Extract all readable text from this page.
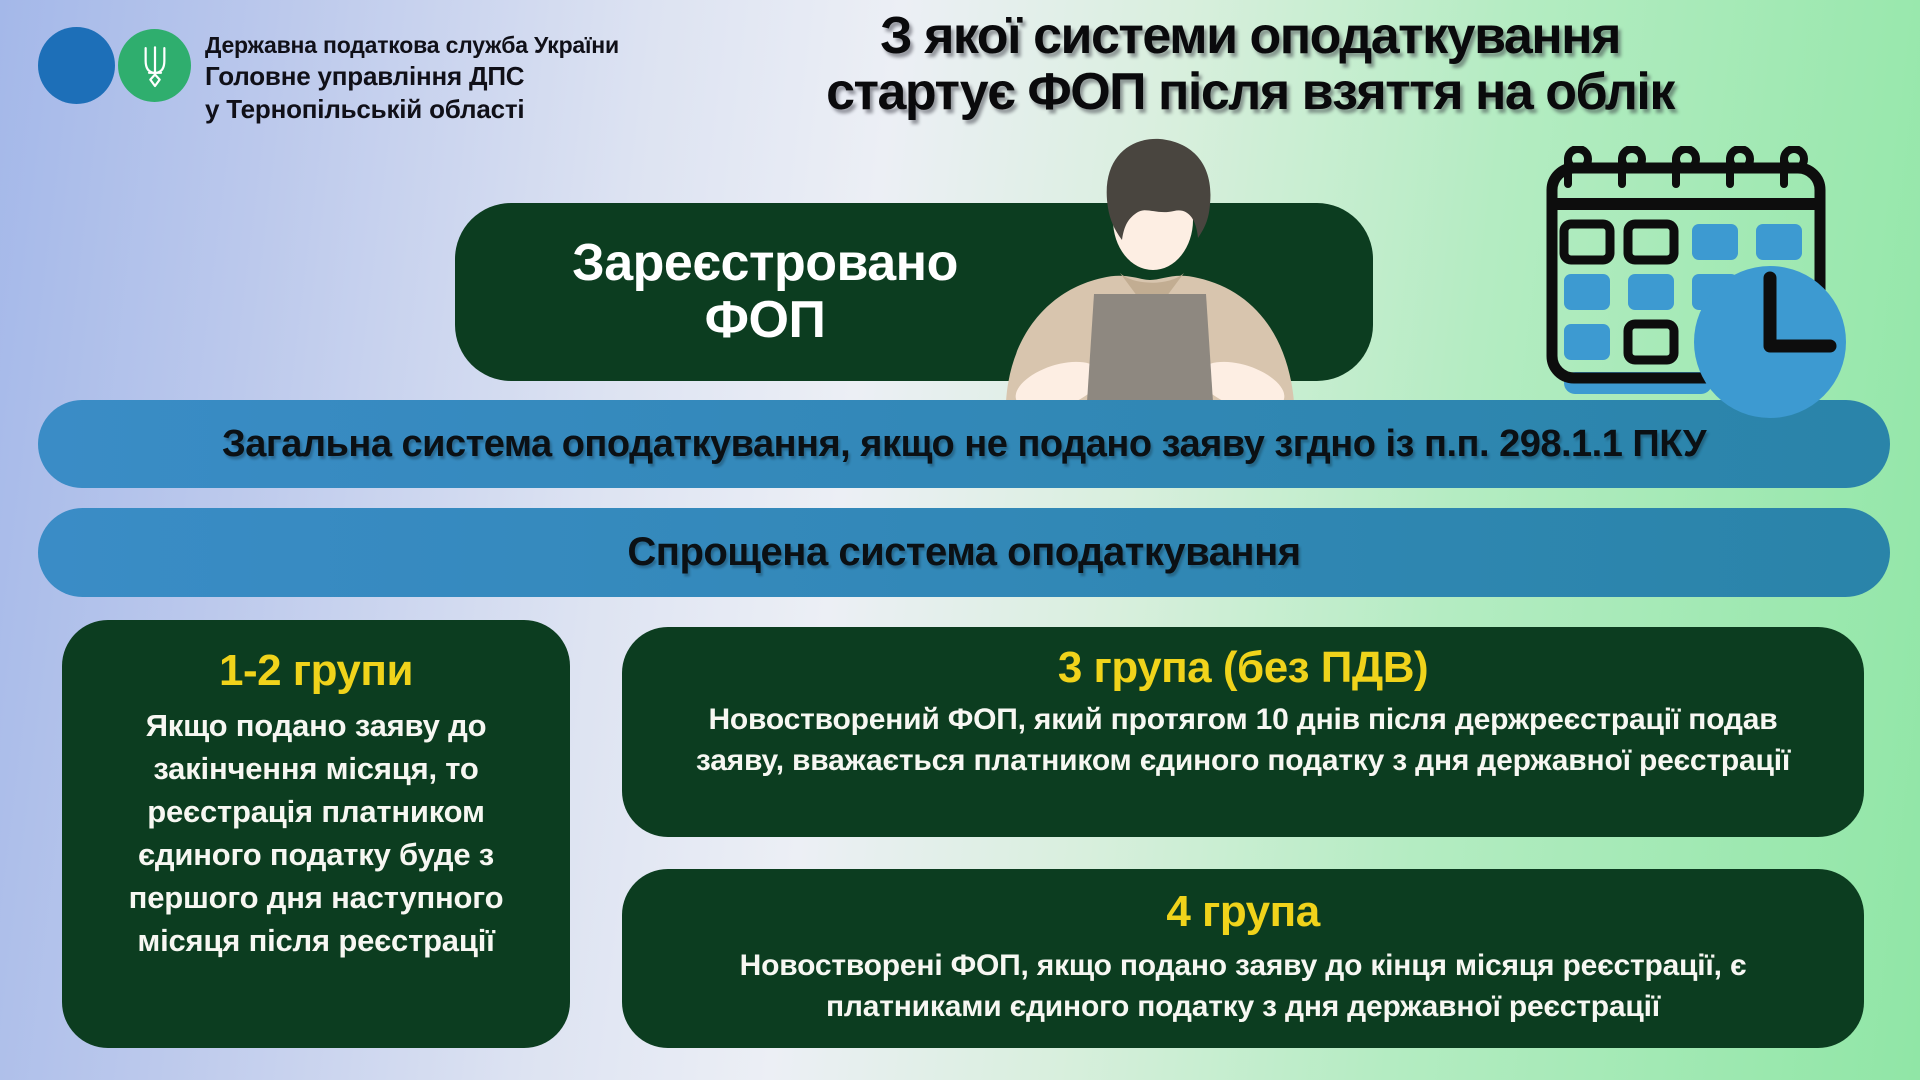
Державна податкова служба України
Головне управління ДПС
у Тернопільській області
З якої системи оподаткування
стартує ФОП після взяття на облік
Зареєстровано
ФОП
Загальна система оподаткування, якщо не подано заяву згдно із п.п. 298.1.1 ПКУ
Спрощена система оподаткування
1-2 групи
Якщо подано заяву до закінчення місяця, то реєстрація платником єдиного податку буде з першого дня наступного місяця після реєстрації
3 група (без ПДВ)
Новостворений ФОП, який протягом 10 днів після держреєстрації подав заяву, вважається платником єдиного податку з дня державної реєстрації
4 група
Новостворені ФОП, якщо подано заяву до кінця місяця реєстрації, є платниками єдиного податку з дня державної реєстрації
